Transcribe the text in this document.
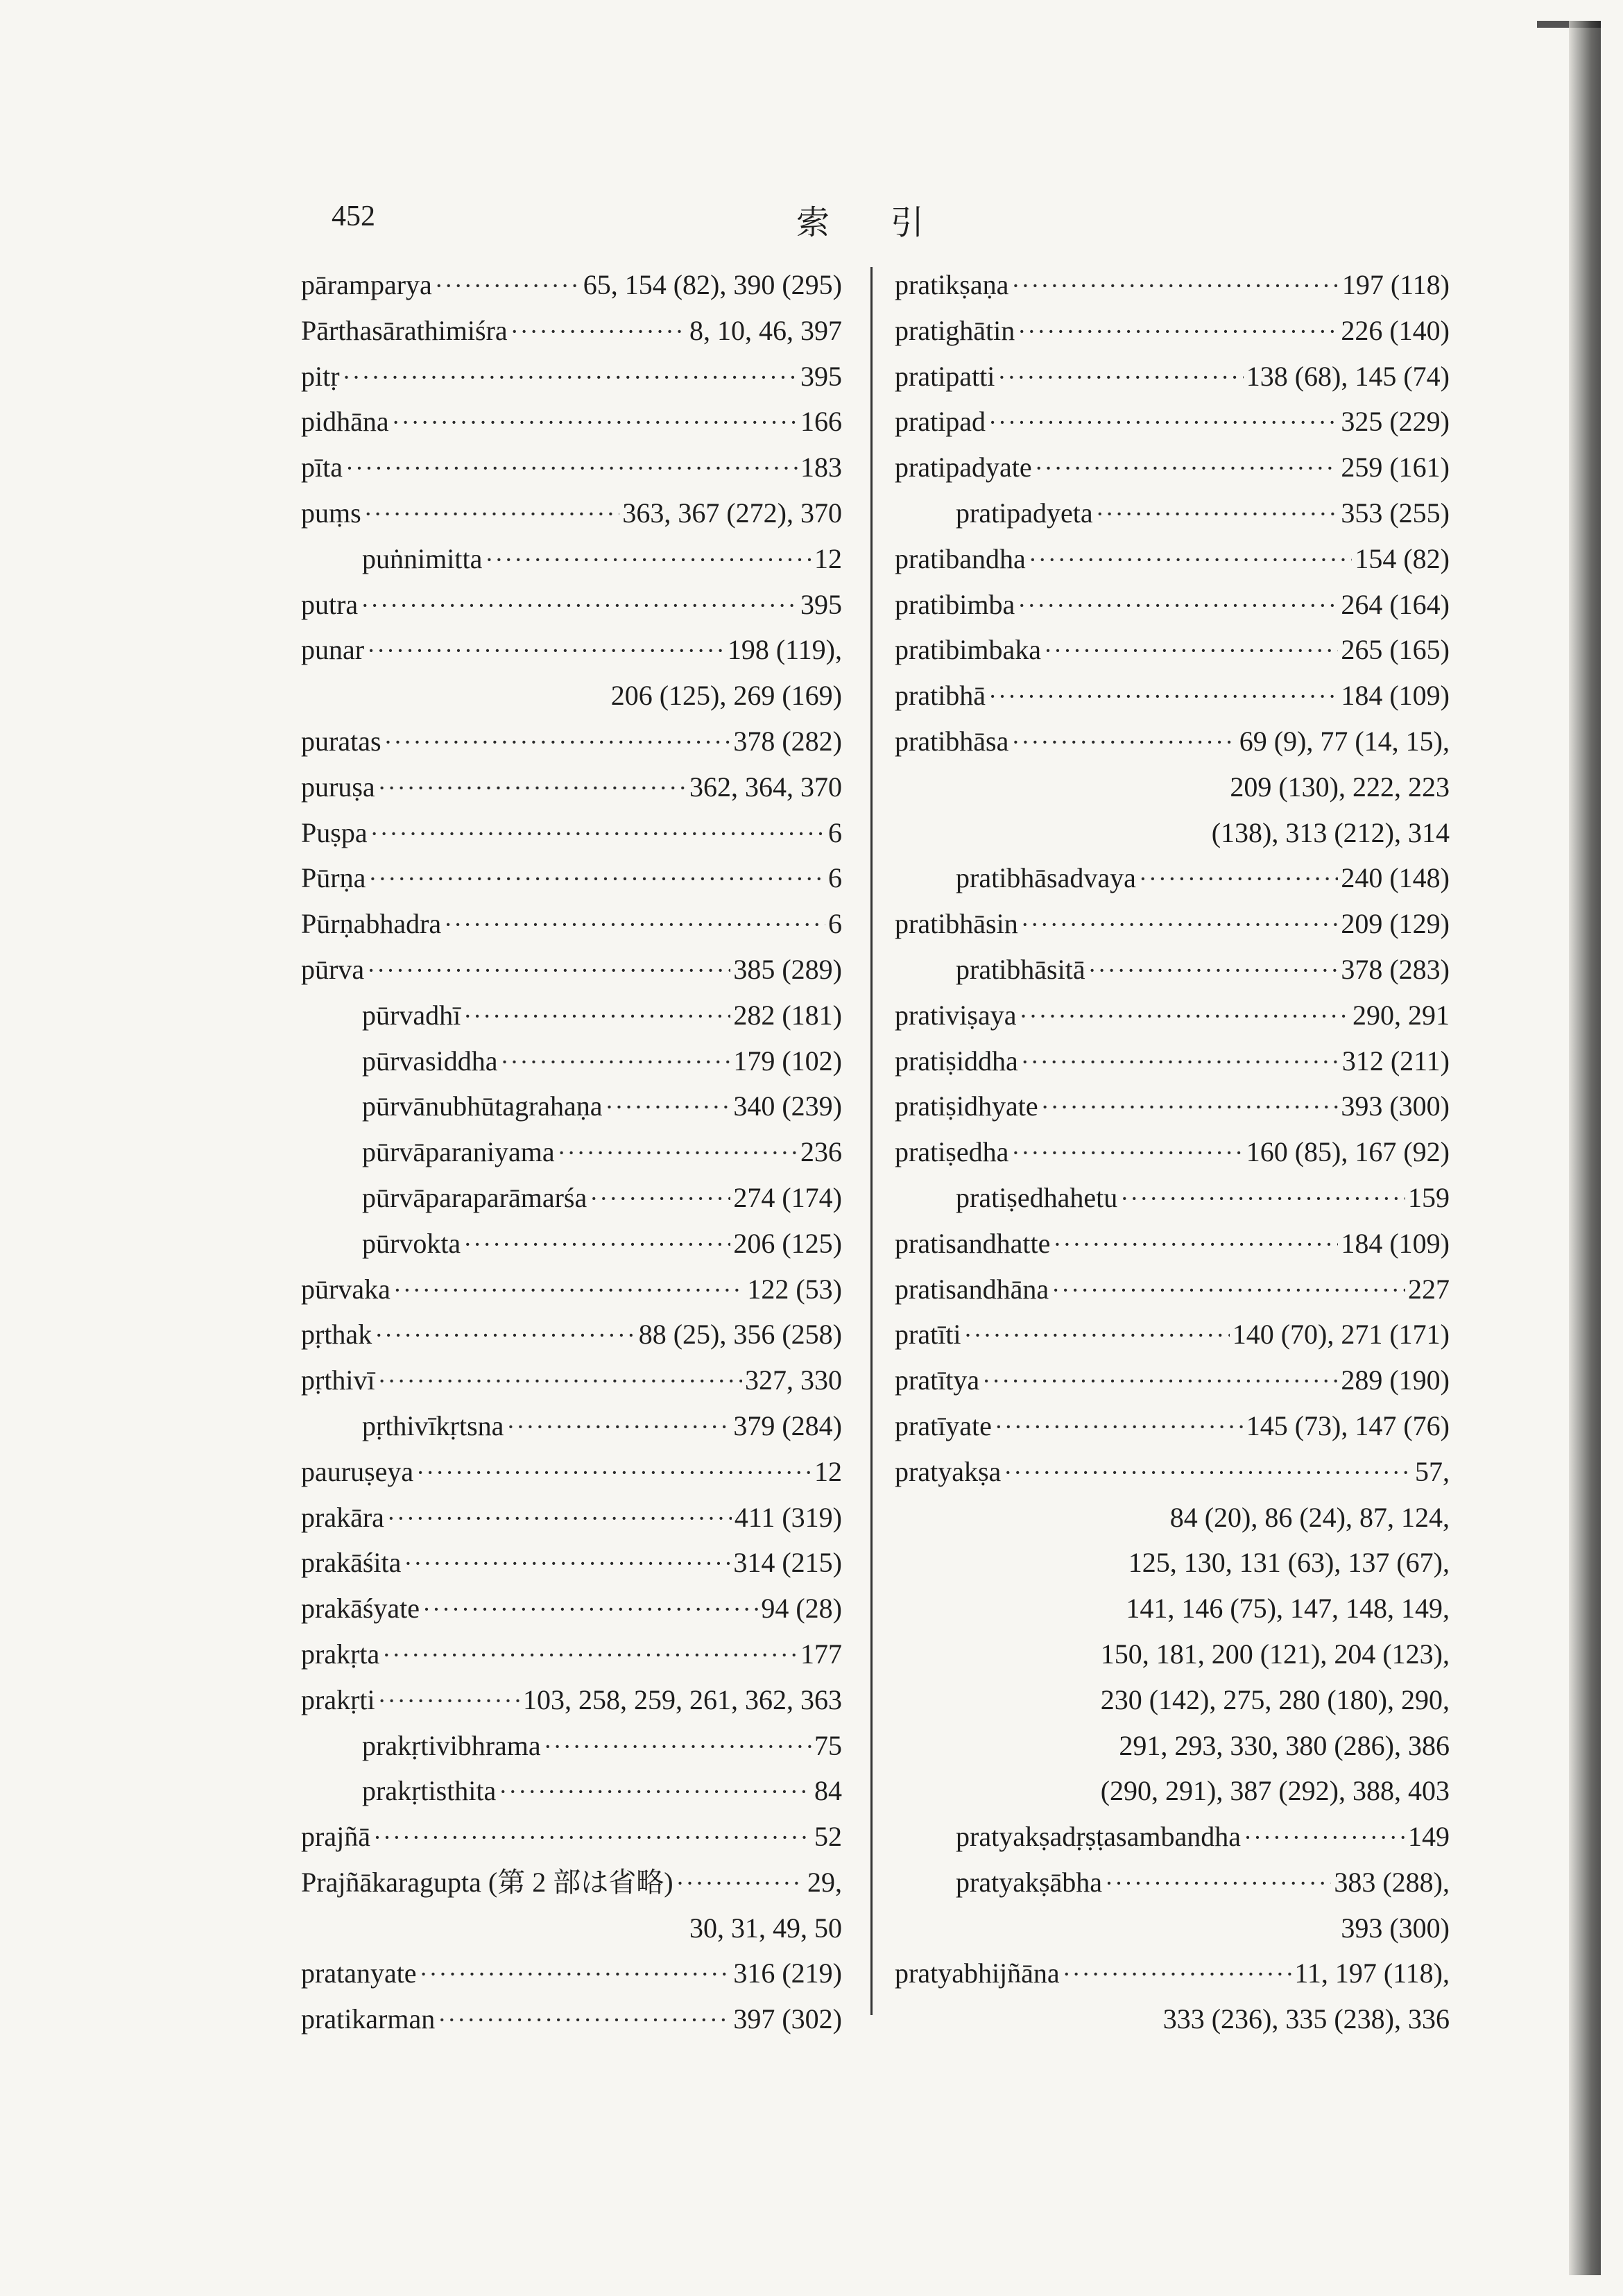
452	索 引
pāramparya ·····	65, 154 (82), 390 (295)
Pārthasārathimiśra ·····	8, 10, 46, 397
pitṛ ·····	395
pidhāna ·····	166
pīta ·····	183
puṃs ·····	363, 367 (272), 370
puṅnimitta ·····	12
putra ·····	395
punar ·····	198 (119),
206 (125), 269 (169)
puratas ·····	378 (282)
puruṣa ·····	362, 364, 370
Puṣpa ·····	6
Pūrṇa ·····	6
Pūrṇabhadra ·····	6
pūrva ·····	385 (289)
pūrvadhī ·····	282 (181)
pūrvasiddha ·····	179 (102)
pūrvānubhūtagrahaṇa ·····	340 (239)
pūrvāparaniyama ·····	236
pūrvāparaparāmarśa ·····	274 (174)
pūrvokta ·····	206 (125)
pūrvaka ·····	122 (53)
pṛthak ·····	88 (25), 356 (258)
pṛthivī ·····	327, 330
pṛthivīkṛtsna ·····	379 (284)
pauruṣeya ·····	12
prakāra ·····	411 (319)
prakāśita ·····	314 (215)
prakāśyate ·····	94 (28)
prakṛta ·····	177
prakṛti ·····	103, 258, 259, 261, 362, 363
prakṛtivibhrama ·····	75
prakṛtisthita ·····	84
prajñā ·····	52
Prajñākaragupta (第 2 部は省略) ·····	29,
30, 31, 49, 50
pratanyate ·····	316 (219)
pratikarman ·····	397 (302)
pratikṣaṇa ·····	197 (118)
pratighātin ·····	226 (140)
pratipatti ·····	138 (68), 145 (74)
pratipad ·····	325 (229)
pratipadyate ·····	259 (161)
pratipadyeta ·····	353 (255)
pratibandha ·····	154 (82)
pratibimba ·····	264 (164)
pratibimbaka ·····	265 (165)
pratibhā ·····	184 (109)
pratibhāsa ·····	69 (9), 77 (14, 15),
209 (130), 222, 223
(138), 313 (212), 314
pratibhāsadvaya ·····	240 (148)
pratibhāsin ·····	209 (129)
pratibhāsitā ·····	378 (283)
prativiṣaya ·····	290, 291
pratiṣiddha ·····	312 (211)
pratiṣidhyate ·····	393 (300)
pratiṣedha ·····	160 (85), 167 (92)
pratiṣedhahetu ·····	159
pratisandhatte ·····	184 (109)
pratisandhāna ·····	227
pratīti ·····	140 (70), 271 (171)
pratītya ·····	289 (190)
pratīyate ·····	145 (73), 147 (76)
pratyakṣa ·····	57,
84 (20), 86 (24), 87, 124,
125, 130, 131 (63), 137 (67),
141, 146 (75), 147, 148, 149,
150, 181, 200 (121), 204 (123),
230 (142), 275, 280 (180), 290,
291, 293, 330, 380 (286), 386
(290, 291), 387 (292), 388, 403
pratyakṣadṛṣṭasambandha ·····	149
pratyakṣābha ·····	383 (288),
393 (300)
pratyabhijñāna ·····	11, 197 (118),
333 (236), 335 (238), 336
